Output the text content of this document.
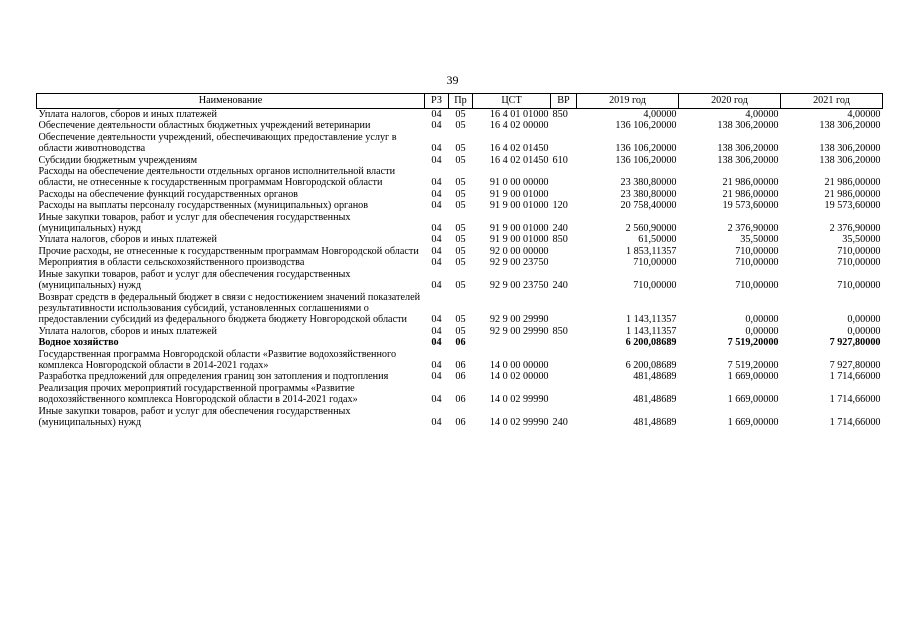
39
Наименование	РЗ	Пр	ЦСТ	ВР	2019 год	2020 год	2021 год
Уплата налогов, сборов и иных платежей	04	05	16 4 01 01000	850	4,00000	4,00000	4,00000
Обеспечение деятельности областных бюджетных учреждений ветеринарии	04	05	16 4 02 00000		136 106,20000	138 306,20000	138 306,20000
Обеспечение деятельности учреждений, обеспечивающих предоставление услуг в области животноводства	04	05	16 4 02 01450		136 106,20000	138 306,20000	138 306,20000
Субсидии бюджетным учреждениям	04	05	16 4 02 01450	610	136 106,20000	138 306,20000	138 306,20000
Расходы на обеспечение деятельности отдельных органов исполнительной власти области, не отнесенные к государственным программам Новгородской области	04	05	91 0 00 00000		23 380,80000	21 986,00000	21 986,00000
Расходы на обеспечение функций государственных органов	04	05	91 9 00 01000		23 380,80000	21 986,00000	21 986,00000
Расходы на выплаты персоналу государственных (муниципальных) органов	04	05	91 9 00 01000	120	20 758,40000	19 573,60000	19 573,60000
Иные закупки товаров, работ и услуг для обеспечения государственных (муниципальных) нужд	04	05	91 9 00 01000	240	2 560,90000	2 376,90000	2 376,90000
Уплата налогов, сборов и иных платежей	04	05	91 9 00 01000	850	61,50000	35,50000	35,50000
Прочие расходы, не отнесенные к государственным программам Новгородской области	04	05	92 0 00 00000		1 853,11357	710,00000	710,00000
Мероприятия в области сельскохозяйственного производства	04	05	92 9 00 23750		710,00000	710,00000	710,00000
Иные закупки товаров, работ и услуг для обеспечения государственных (муниципальных) нужд	04	05	92 9 00 23750	240	710,00000	710,00000	710,00000
Возврат средств в федеральный бюджет в связи с недостижением значений показателей результативности использования субсидий, установленных соглашениями о предоставлении субсидий из федерального бюджета бюджету Новгородской области	04	05	92 9 00 29990		1 143,11357	0,00000	0,00000
Уплата налогов, сборов и иных платежей	04	05	92 9 00 29990	850	1 143,11357	0,00000	0,00000
Водное хозяйство	04	06			6 200,08689	7 519,20000	7 927,80000
Государственная программа Новгородской области «Развитие водохозяйственного комплекса Новгородской области в 2014-2021 годах»	04	06	14 0 00 00000		6 200,08689	7 519,20000	7 927,80000
Разработка предложений для определения границ зон затопления и подтопления	04	06	14 0 02 00000		481,48689	1 669,00000	1 714,66000
Реализация прочих мероприятий государственной программы «Развитие водохозяйственного комплекса Новгородской области в 2014-2021 годах»	04	06	14 0 02 99990		481,48689	1 669,00000	1 714,66000
Иные закупки товаров, работ и услуг для обеспечения государственных (муниципальных) нужд	04	06	14 0 02 99990	240	481,48689	1 669,00000	1 714,66000
